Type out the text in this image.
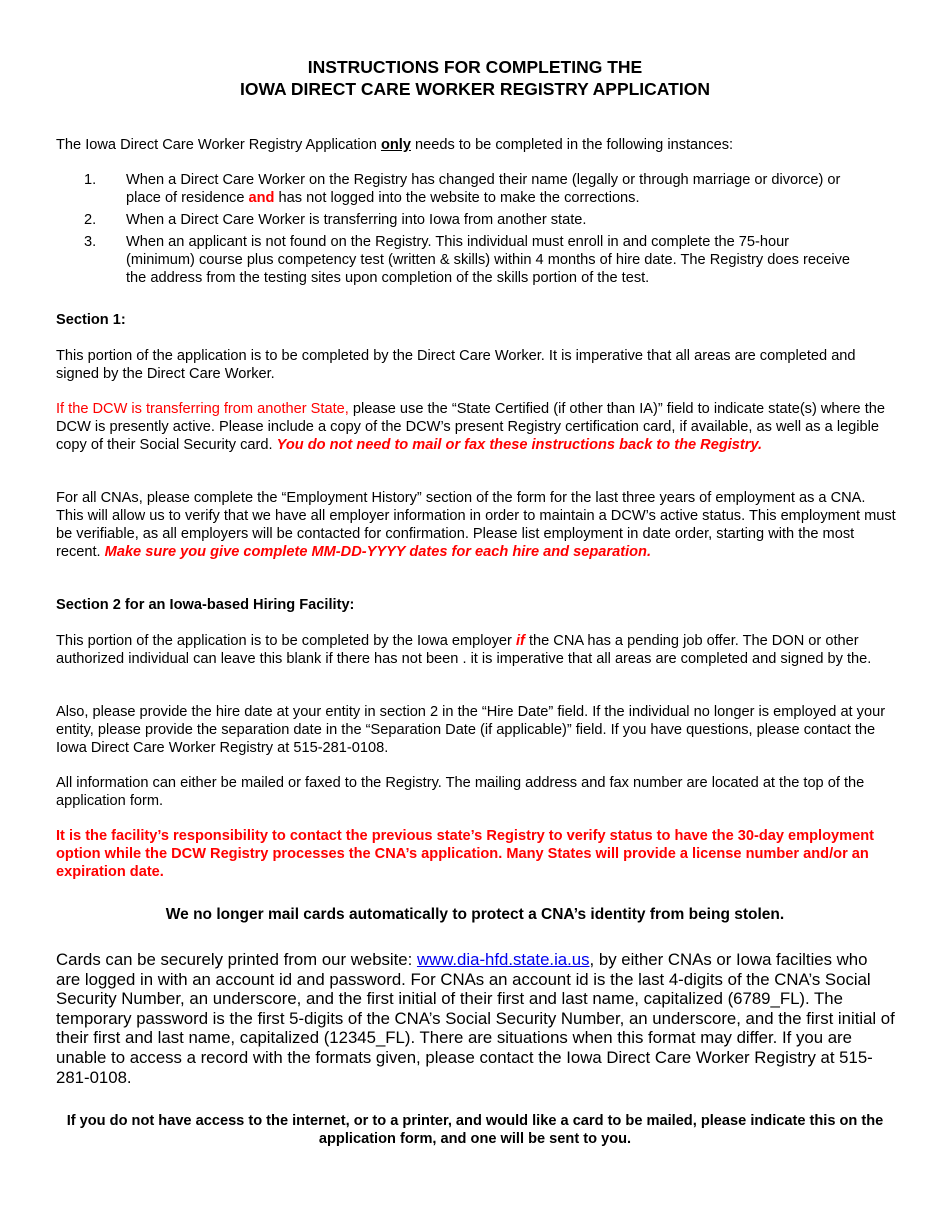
INSTRUCTIONS FOR COMPLETING THE
IOWA DIRECT CARE WORKER REGISTRY APPLICATION
The Iowa Direct Care Worker Registry Application only needs to be completed in the following instances:
1. When a Direct Care Worker on the Registry has changed their name (legally or through marriage or divorce) or place of residence and has not logged into the website to make the corrections.
2. When a Direct Care Worker is transferring into Iowa from another state.
3. When an applicant is not found on the Registry. This individual must enroll in and complete the 75-hour (minimum) course plus competency test (written & skills) within 4 months of hire date. The Registry does receive the address from the testing sites upon completion of the skills portion of the test.
Section 1:
This portion of the application is to be completed by the Direct Care Worker. It is imperative that all areas are completed and signed by the Direct Care Worker.
If the DCW is transferring from another State, please use the “State Certified (if other than IA)” field to indicate state(s) where the DCW is presently active. Please include a copy of the DCW’s present Registry certification card, if available, as well as a legible copy of their Social Security card. You do not need to mail or fax these instructions back to the Registry.
For all CNAs, please complete the “Employment History” section of the form for the last three years of employment as a CNA. This will allow us to verify that we have all employer information in order to maintain a DCW’s active status. This employment must be verifiable, as all employers will be contacted for confirmation. Please list employment in date order, starting with the most recent. Make sure you give complete MM-DD-YYYY dates for each hire and separation.
Section 2 for an Iowa-based Hiring Facility:
This portion of the application is to be completed by the Iowa employer if the CNA has a pending job offer. The DON or other authorized individual can leave this blank if there has not been . it is imperative that all areas are completed and signed by the.
Also, please provide the hire date at your entity in section 2 in the “Hire Date” field. If the individual no longer is employed at your entity, please provide the separation date in the “Separation Date (if applicable)” field. If you have questions, please contact the Iowa Direct Care Worker Registry at 515-281-0108.
All information can either be mailed or faxed to the Registry. The mailing address and fax number are located at the top of the application form.
It is the facility’s responsibility to contact the previous state’s Registry to verify status to have the 30-day employment option while the DCW Registry processes the CNA’s application. Many States will provide a license number and/or an expiration date.
We no longer mail cards automatically to protect a CNA’s identity from being stolen.
Cards can be securely printed from our website: www.dia-hfd.state.ia.us, by either CNAs or Iowa facilties who are logged in with an account id and password. For CNAs an account id is the last 4-digits of the CNA’s Social Security Number, an underscore, and the first initial of their first and last name, capitalized (6789_FL). The temporary password is the first 5-digits of the CNA’s Social Security Number, an underscore, and the first initial of their first and last name, capitalized (12345_FL). There are situations when this format may differ. If you are unable to access a record with the formats given, please contact the Iowa Direct Care Worker Registry at 515-281-0108.
If you do not have access to the internet, or to a printer, and would like a card to be mailed, please indicate this on the application form, and one will be sent to you.
